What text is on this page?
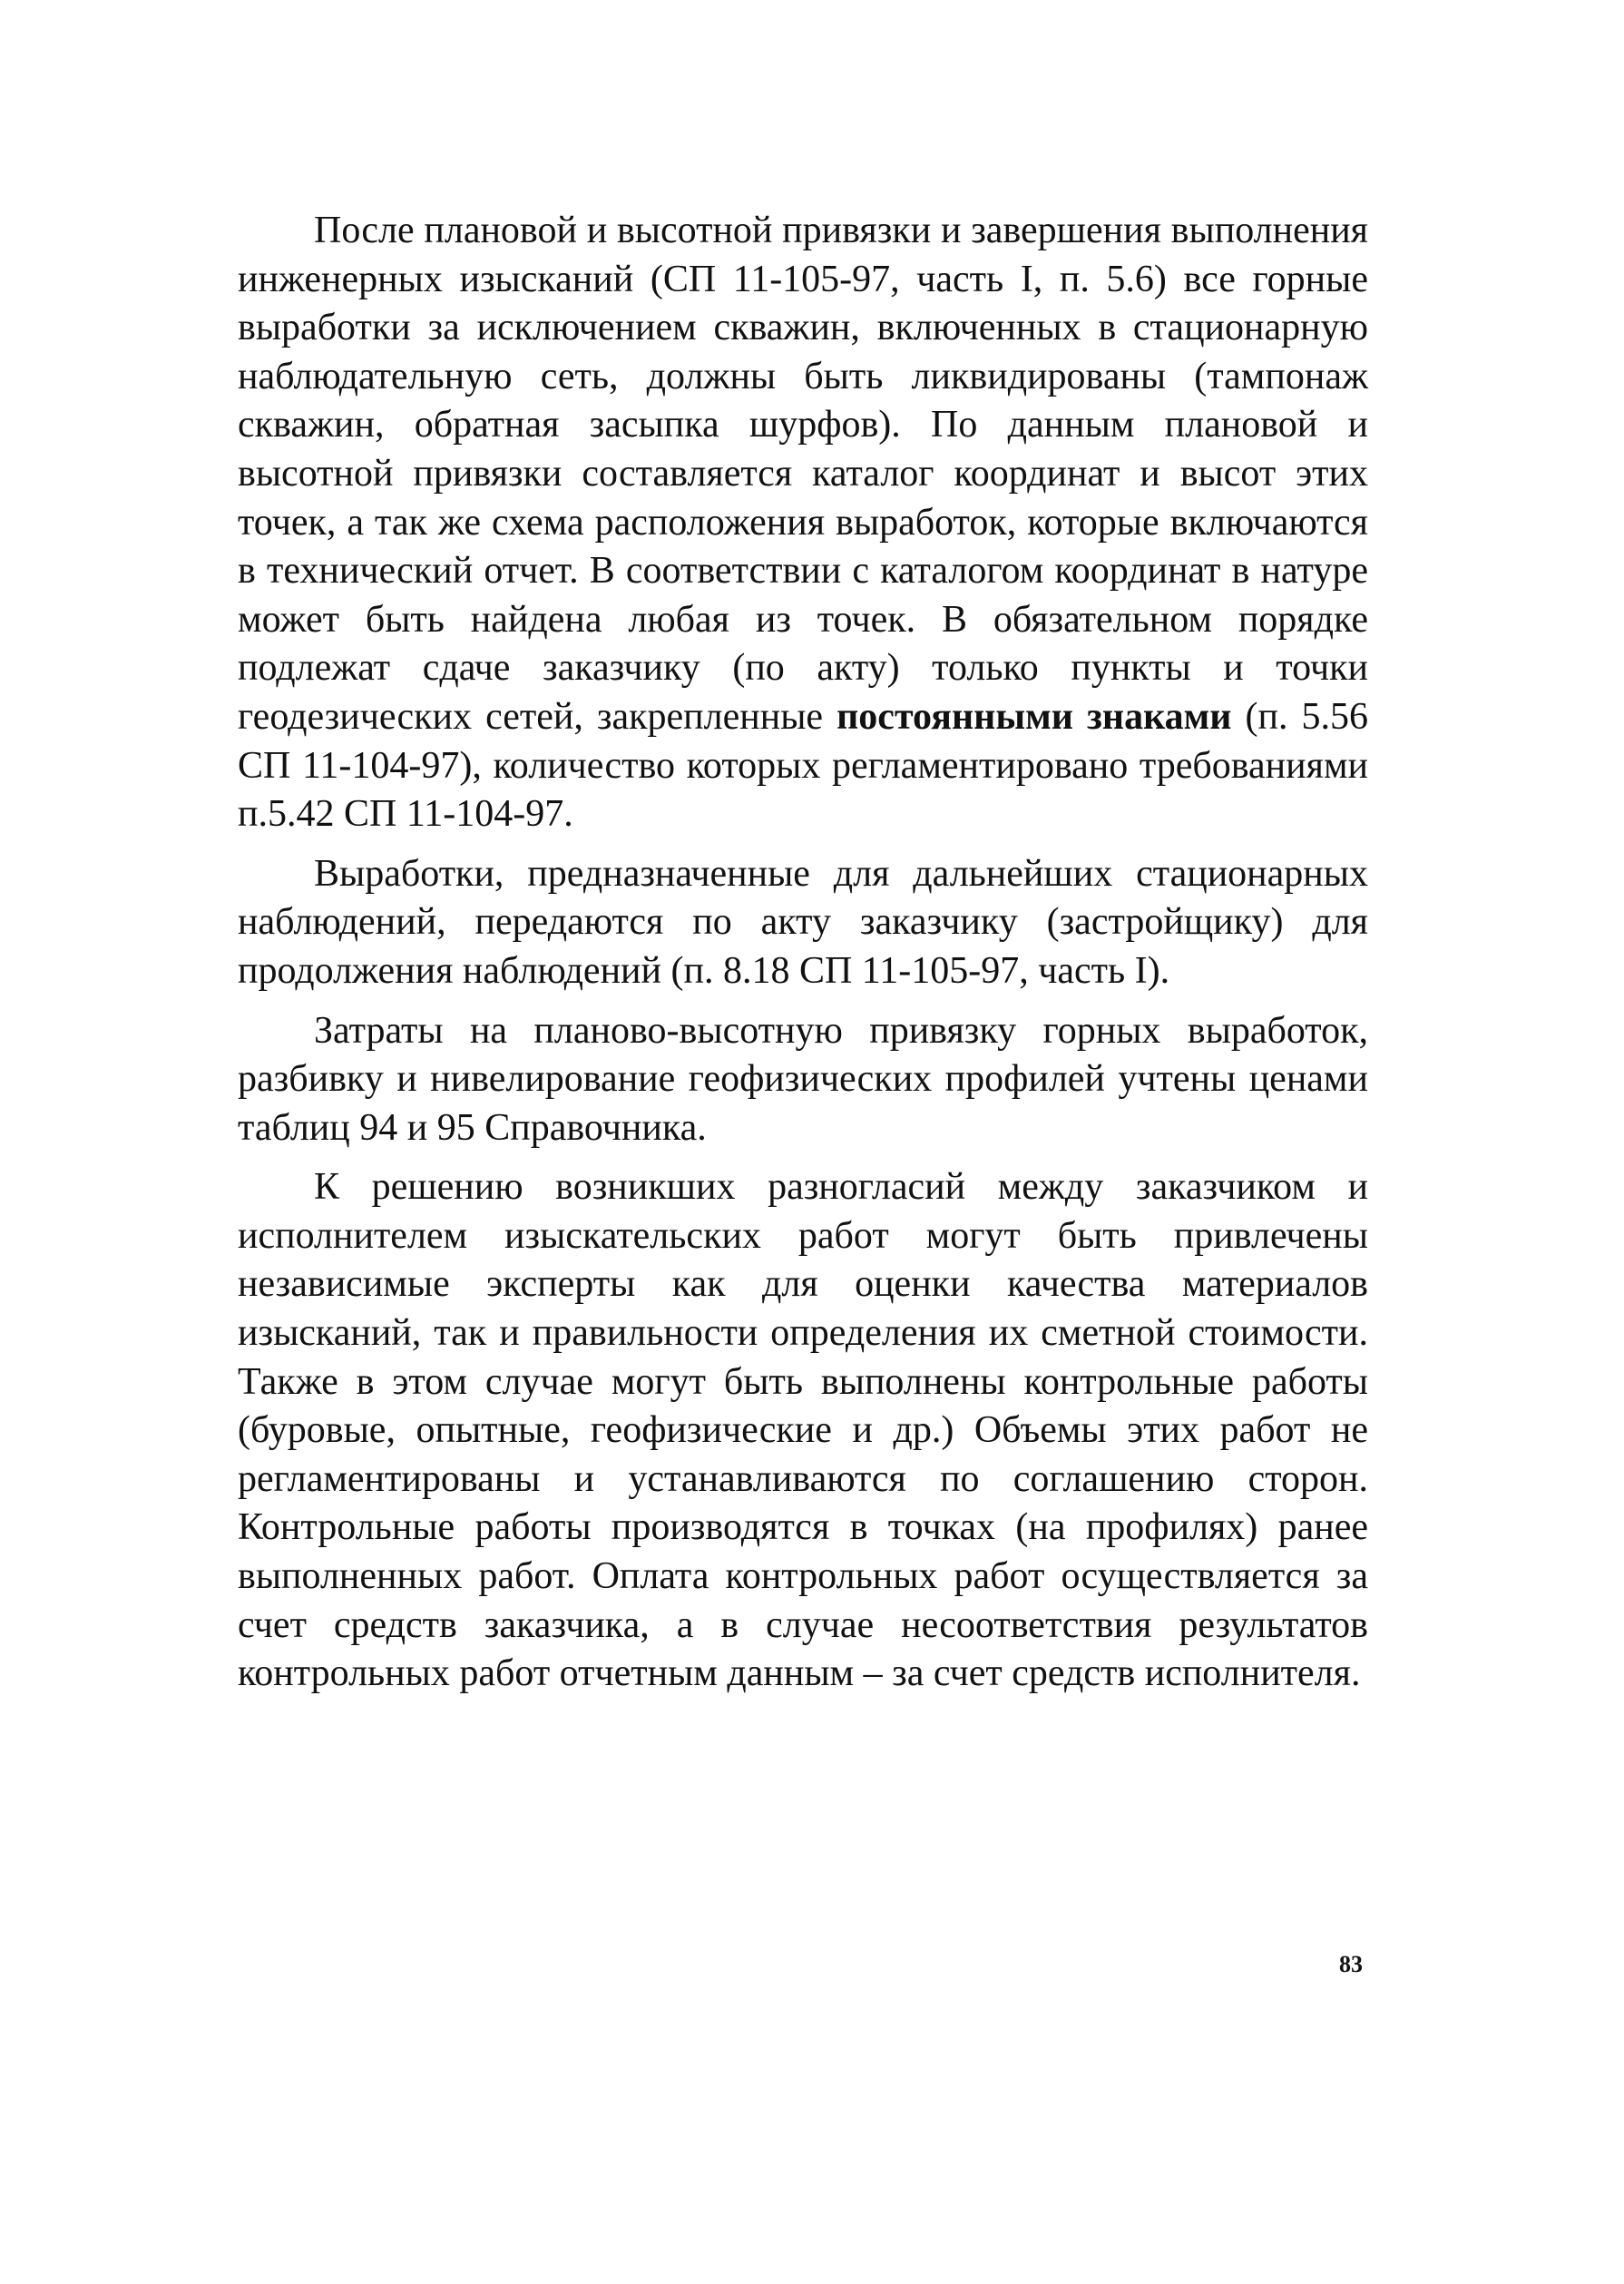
После плановой и высотной привязки и завершения выполнения инженерных изысканий (СП 11-105-97, часть I, п. 5.6) все горные выработки за исключением скважин, включенных в стационарную наблюдательную сеть, должны быть ликвидированы (тампонаж скважин, обратная засыпка шурфов). По данным плановой и высотной привязки составляется каталог координат и высот этих точек, а так же схема расположения выработок, которые включаются в технический отчет. В соответствии с каталогом координат в натуре может быть найдена любая из точек. В обязательном порядке подлежат сдаче заказчику (по акту) только пункты и точки геодезических сетей, закрепленные постоянными знаками (п. 5.56 СП 11-104-97), количество которых регламентировано требованиями п.5.42 СП 11-104-97.

Выработки, предназначенные для дальнейших стационарных наблюдений, передаются по акту заказчику (застройщику) для продолжения наблюдений (п. 8.18 СП 11-105-97, часть I).

Затраты на планово-высотную привязку горных выработок, разбивку и нивелирование геофизических профилей учтены ценами таблиц 94 и 95 Справочника.

К решению возникших разногласий между заказчиком и исполнителем изыскательских работ могут быть привлечены независимые эксперты как для оценки качества материалов изысканий, так и правильности определения их сметной стоимости. Также в этом случае могут быть выполнены контрольные работы (буровые, опытные, геофизические и др.) Объемы этих работ не регламентированы и устанавливаются по соглашению сторон. Контрольные работы производятся в точках (на профилях) ранее выполненных работ. Оплата контрольных работ осуществляется за счет средств заказчика, а в случае несоответствия результатов контрольных работ отчетным данным – за счет средств исполнителя.

83
